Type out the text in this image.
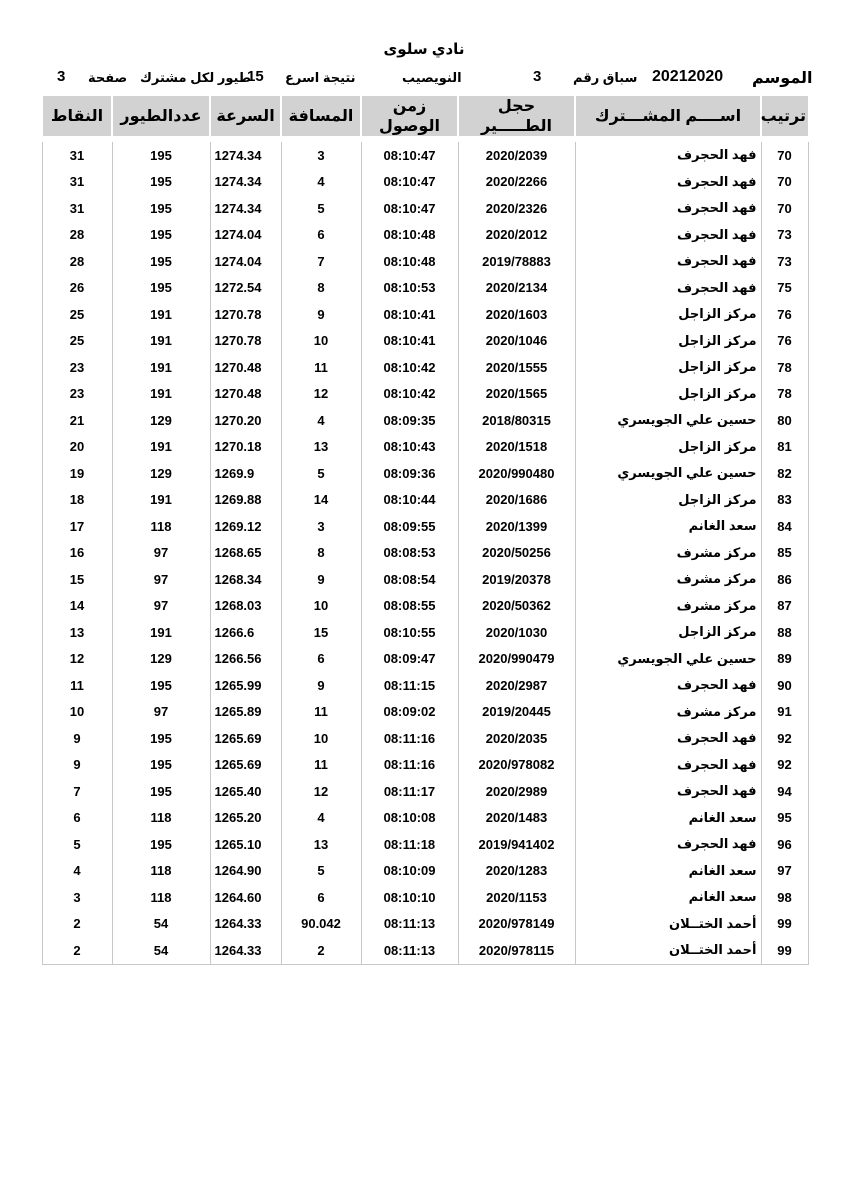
نادي سلوى
الموسم
20212020
سباق رقم
3
النويصيب
نتيجة اسرع
15
طيور لكل مشترك
صفحة
3
ترتيب	اســــم المشـــترك	حجل الطـــــير	زمن الوصول	المسافة	السرعة	عددالطيور	النقاط

70	فهد الحجرف	2020/2039	08:10:47	3	1274.34	195	31
70	فهد الحجرف	2020/2266	08:10:47	4	1274.34	195	31
70	فهد الحجرف	2020/2326	08:10:47	5	1274.34	195	31
73	فهد الحجرف	2020/2012	08:10:48	6	1274.04	195	28
73	فهد الحجرف	2019/78883	08:10:48	7	1274.04	195	28
75	فهد الحجرف	2020/2134	08:10:53	8	1272.54	195	26
76	مركز الزاجل	2020/1603	08:10:41	9	1270.78	191	25
76	مركز الزاجل	2020/1046	08:10:41	10	1270.78	191	25
78	مركز الزاجل	2020/1555	08:10:42	11	1270.48	191	23
78	مركز الزاجل	2020/1565	08:10:42	12	1270.48	191	23
80	حسين علي الجويسري	2018/80315	08:09:35	4	1270.20	129	21
81	مركز الزاجل	2020/1518	08:10:43	13	1270.18	191	20
82	حسين علي الجويسري	2020/990480	08:09:36	5	1269.9	129	19
83	مركز الزاجل	2020/1686	08:10:44	14	1269.88	191	18
84	سعد الغانم	2020/1399	08:09:55	3	1269.12	118	17
85	مركز مشرف	2020/50256	08:08:53	8	1268.65	97	16
86	مركز مشرف	2019/20378	08:08:54	9	1268.34	97	15
87	مركز مشرف	2020/50362	08:08:55	10	1268.03	97	14
88	مركز الزاجل	2020/1030	08:10:55	15	1266.6	191	13
89	حسين علي الجويسري	2020/990479	08:09:47	6	1266.56	129	12
90	فهد الحجرف	2020/2987	08:11:15	9	1265.99	195	11
91	مركز مشرف	2019/20445	08:09:02	11	1265.89	97	10
92	فهد الحجرف	2020/2035	08:11:16	10	1265.69	195	9
92	فهد الحجرف	2020/978082	08:11:16	11	1265.69	195	9
94	فهد الحجرف	2020/2989	08:11:17	12	1265.40	195	7
95	سعد الغانم	2020/1483	08:10:08	4	1265.20	118	6
96	فهد الحجرف	2019/941402	08:11:18	13	1265.10	195	5
97	سعد الغانم	2020/1283	08:10:09	5	1264.90	118	4
98	سعد الغانم	2020/1153	08:10:10	6	1264.60	118	3
99	أحمد الختــلان	2020/978149	08:11:13	90.042	1264.33	54	2
99	أحمد الختــلان	2020/978115	08:11:13	2	1264.33	54	2
